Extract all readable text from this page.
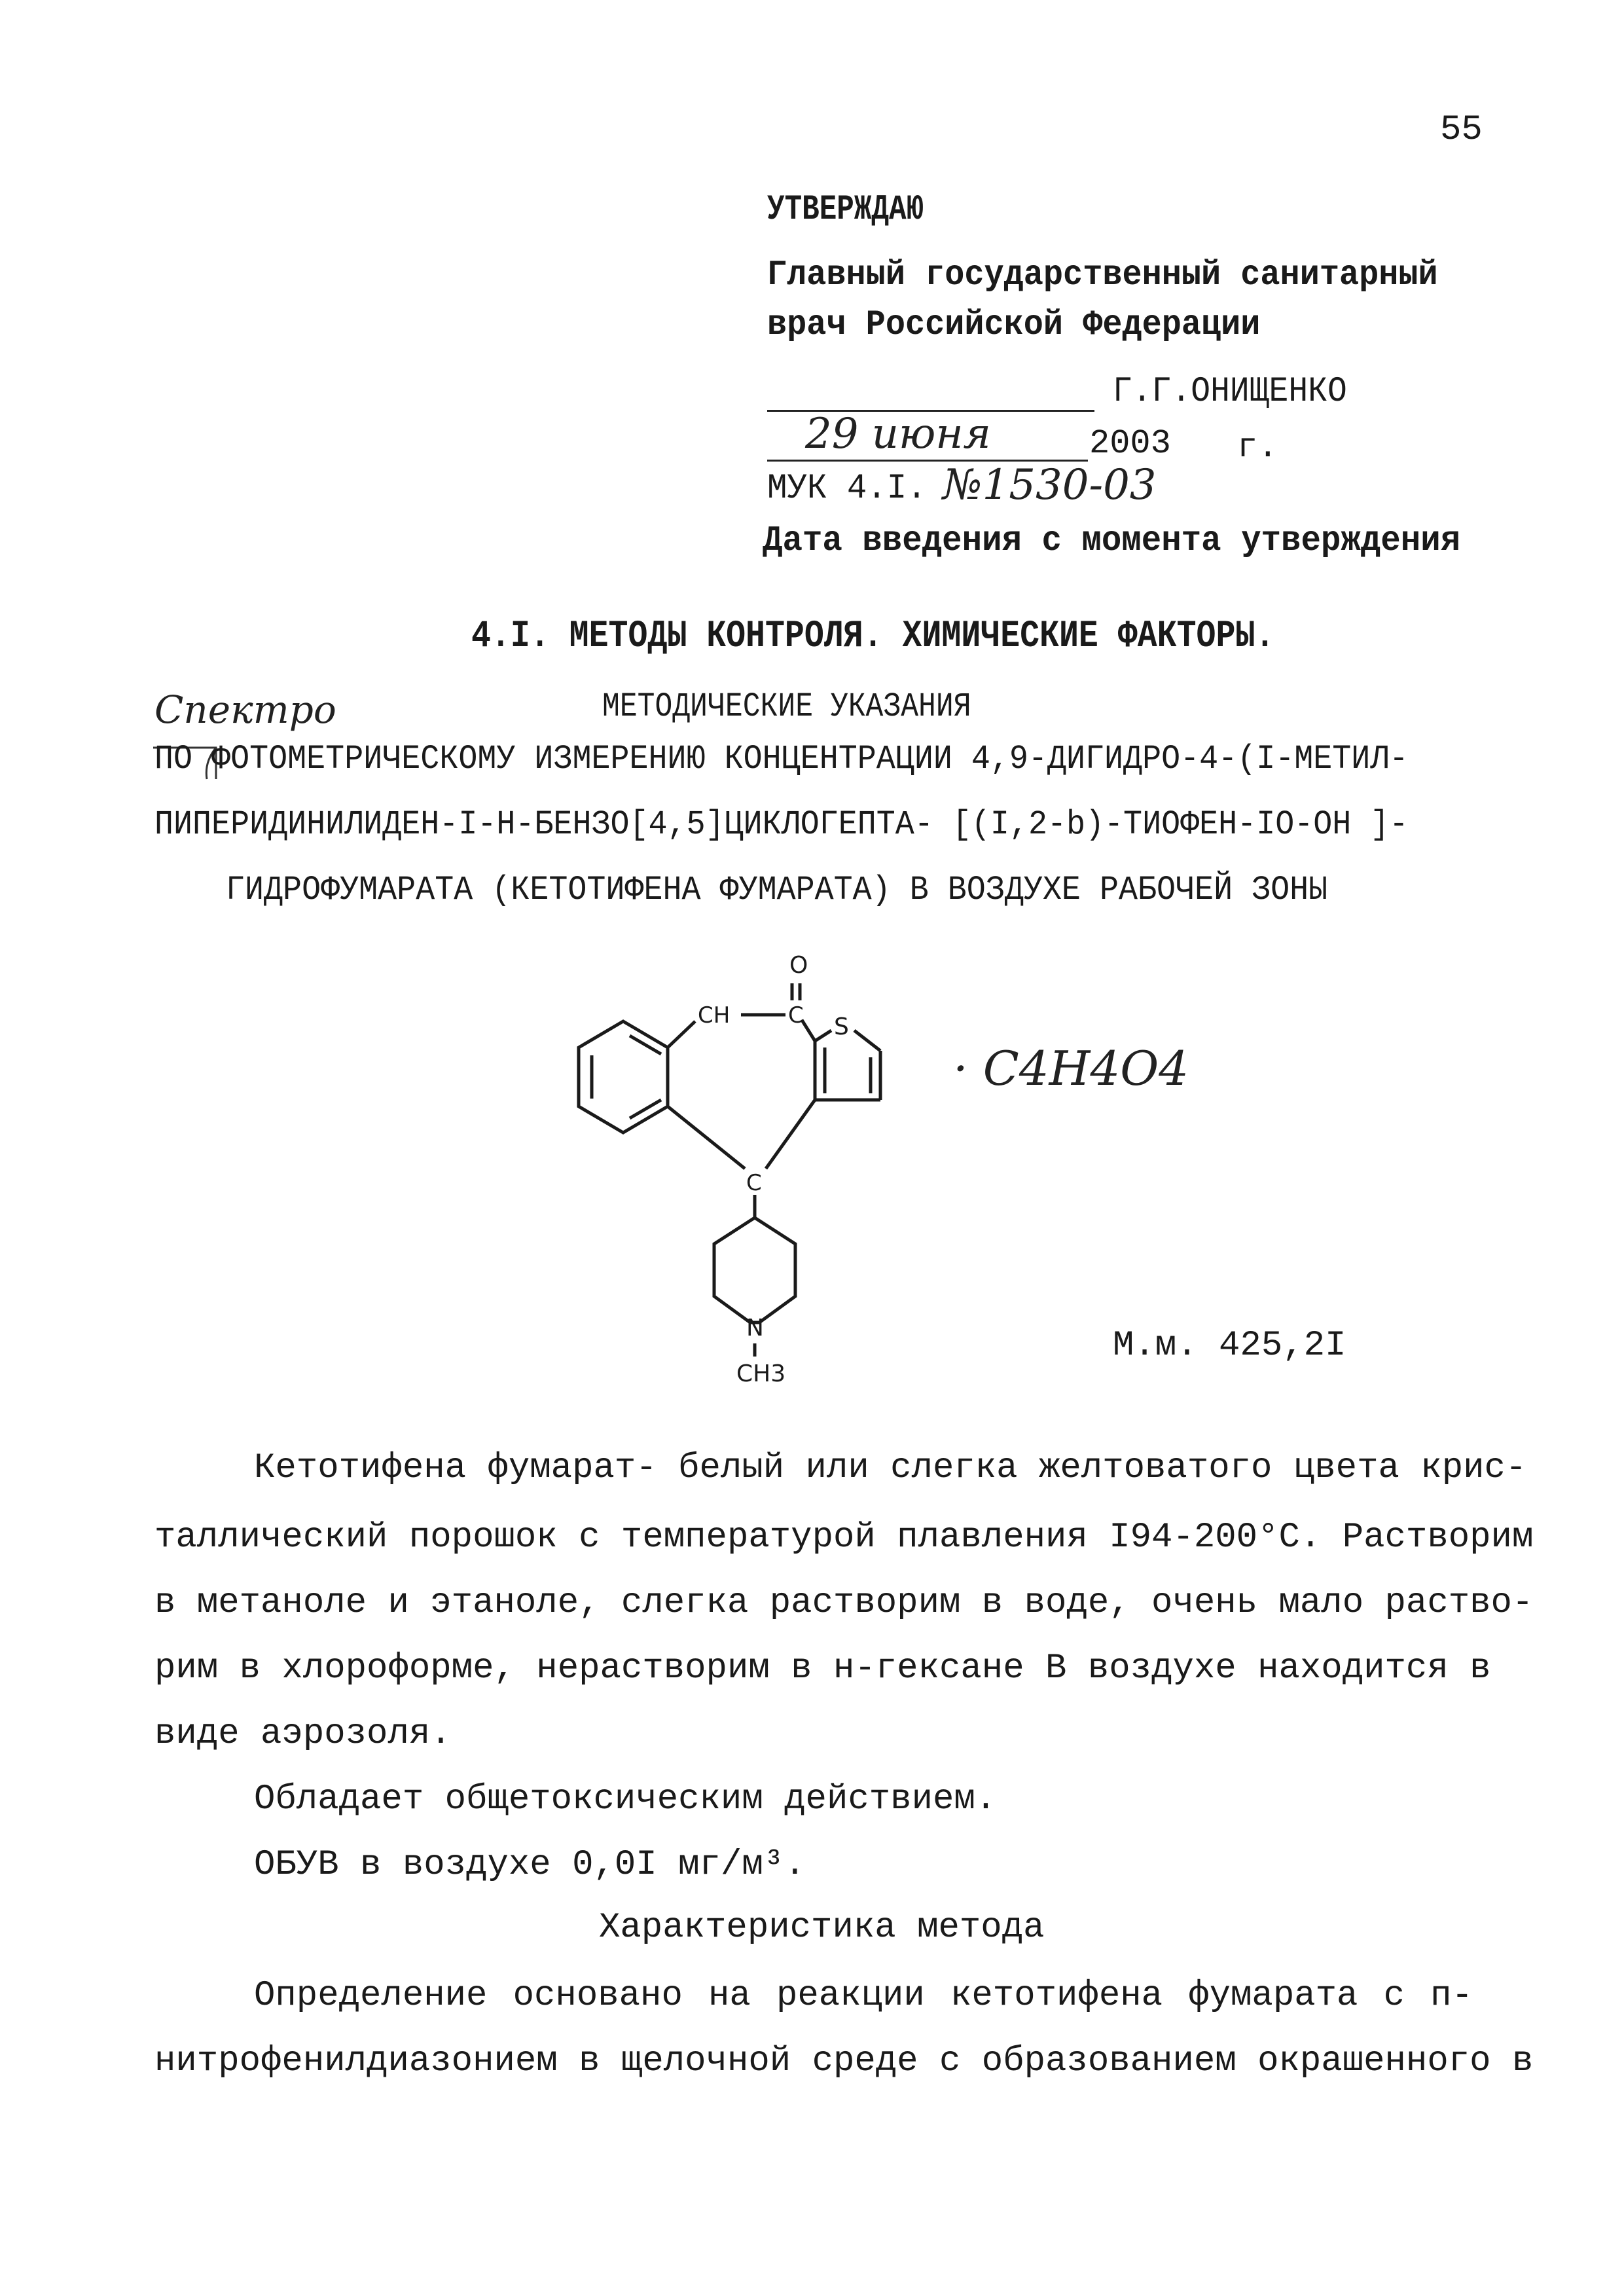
55
УТВЕРЖДАЮ
Главный государственный санитарный
врач Российской Федерации
Г.Г.ОНИЩЕНКО
29 июня	2003 г.
МУК 4.I. №1530-03
Дата введения с момента утверждения
4.I. МЕТОДЫ КОНТРОЛЯ. ХИМИЧЕСКИЕ ФАКТОРЫ.
Спектро	МЕТОДИЧЕСКИЕ УКАЗАНИЯ
ПО ФОТОМЕТРИЧЕСКОМУ ИЗМЕРЕНИЮ КОНЦЕНТРАЦИИ 4,9-ДИГИДРО-4-(I-МЕТИЛ-
ПИПЕРИДИНИЛИДЕН-I-Н-БЕНЗО[4,5]ЦИКЛОГЕПТА- [(I,2-b)-ТИОФЕН-IO-ОН ]-
ГИДРОФУМАРАТА (КЕТОТИФЕНА ФУМАРАТА) В ВОЗДУХЕ РАБОЧЕЙ ЗОНЫ
O
CH	C S
C
N
CH3
· C4H4O4
М.м. 425,2I
Кетотифена фумарат- белый или слегка желтоватого цвета крис-
таллический порошок с температурой плавления I94-200°С. Растворим
в метаноле и этаноле, слегка растворим в воде, очень мало раство-
рим в хлороформе, нерастворим в н-гексане В воздухе находится в
виде аэрозоля.
Обладает общетоксическим действием.
ОБУВ в воздухе 0,0I мг/м³.
Характеристика метода
Определение основано на реакции кетотифена фумарата с п-
нитрофенилдиазонием в щелочной среде с образованием окрашенного в
